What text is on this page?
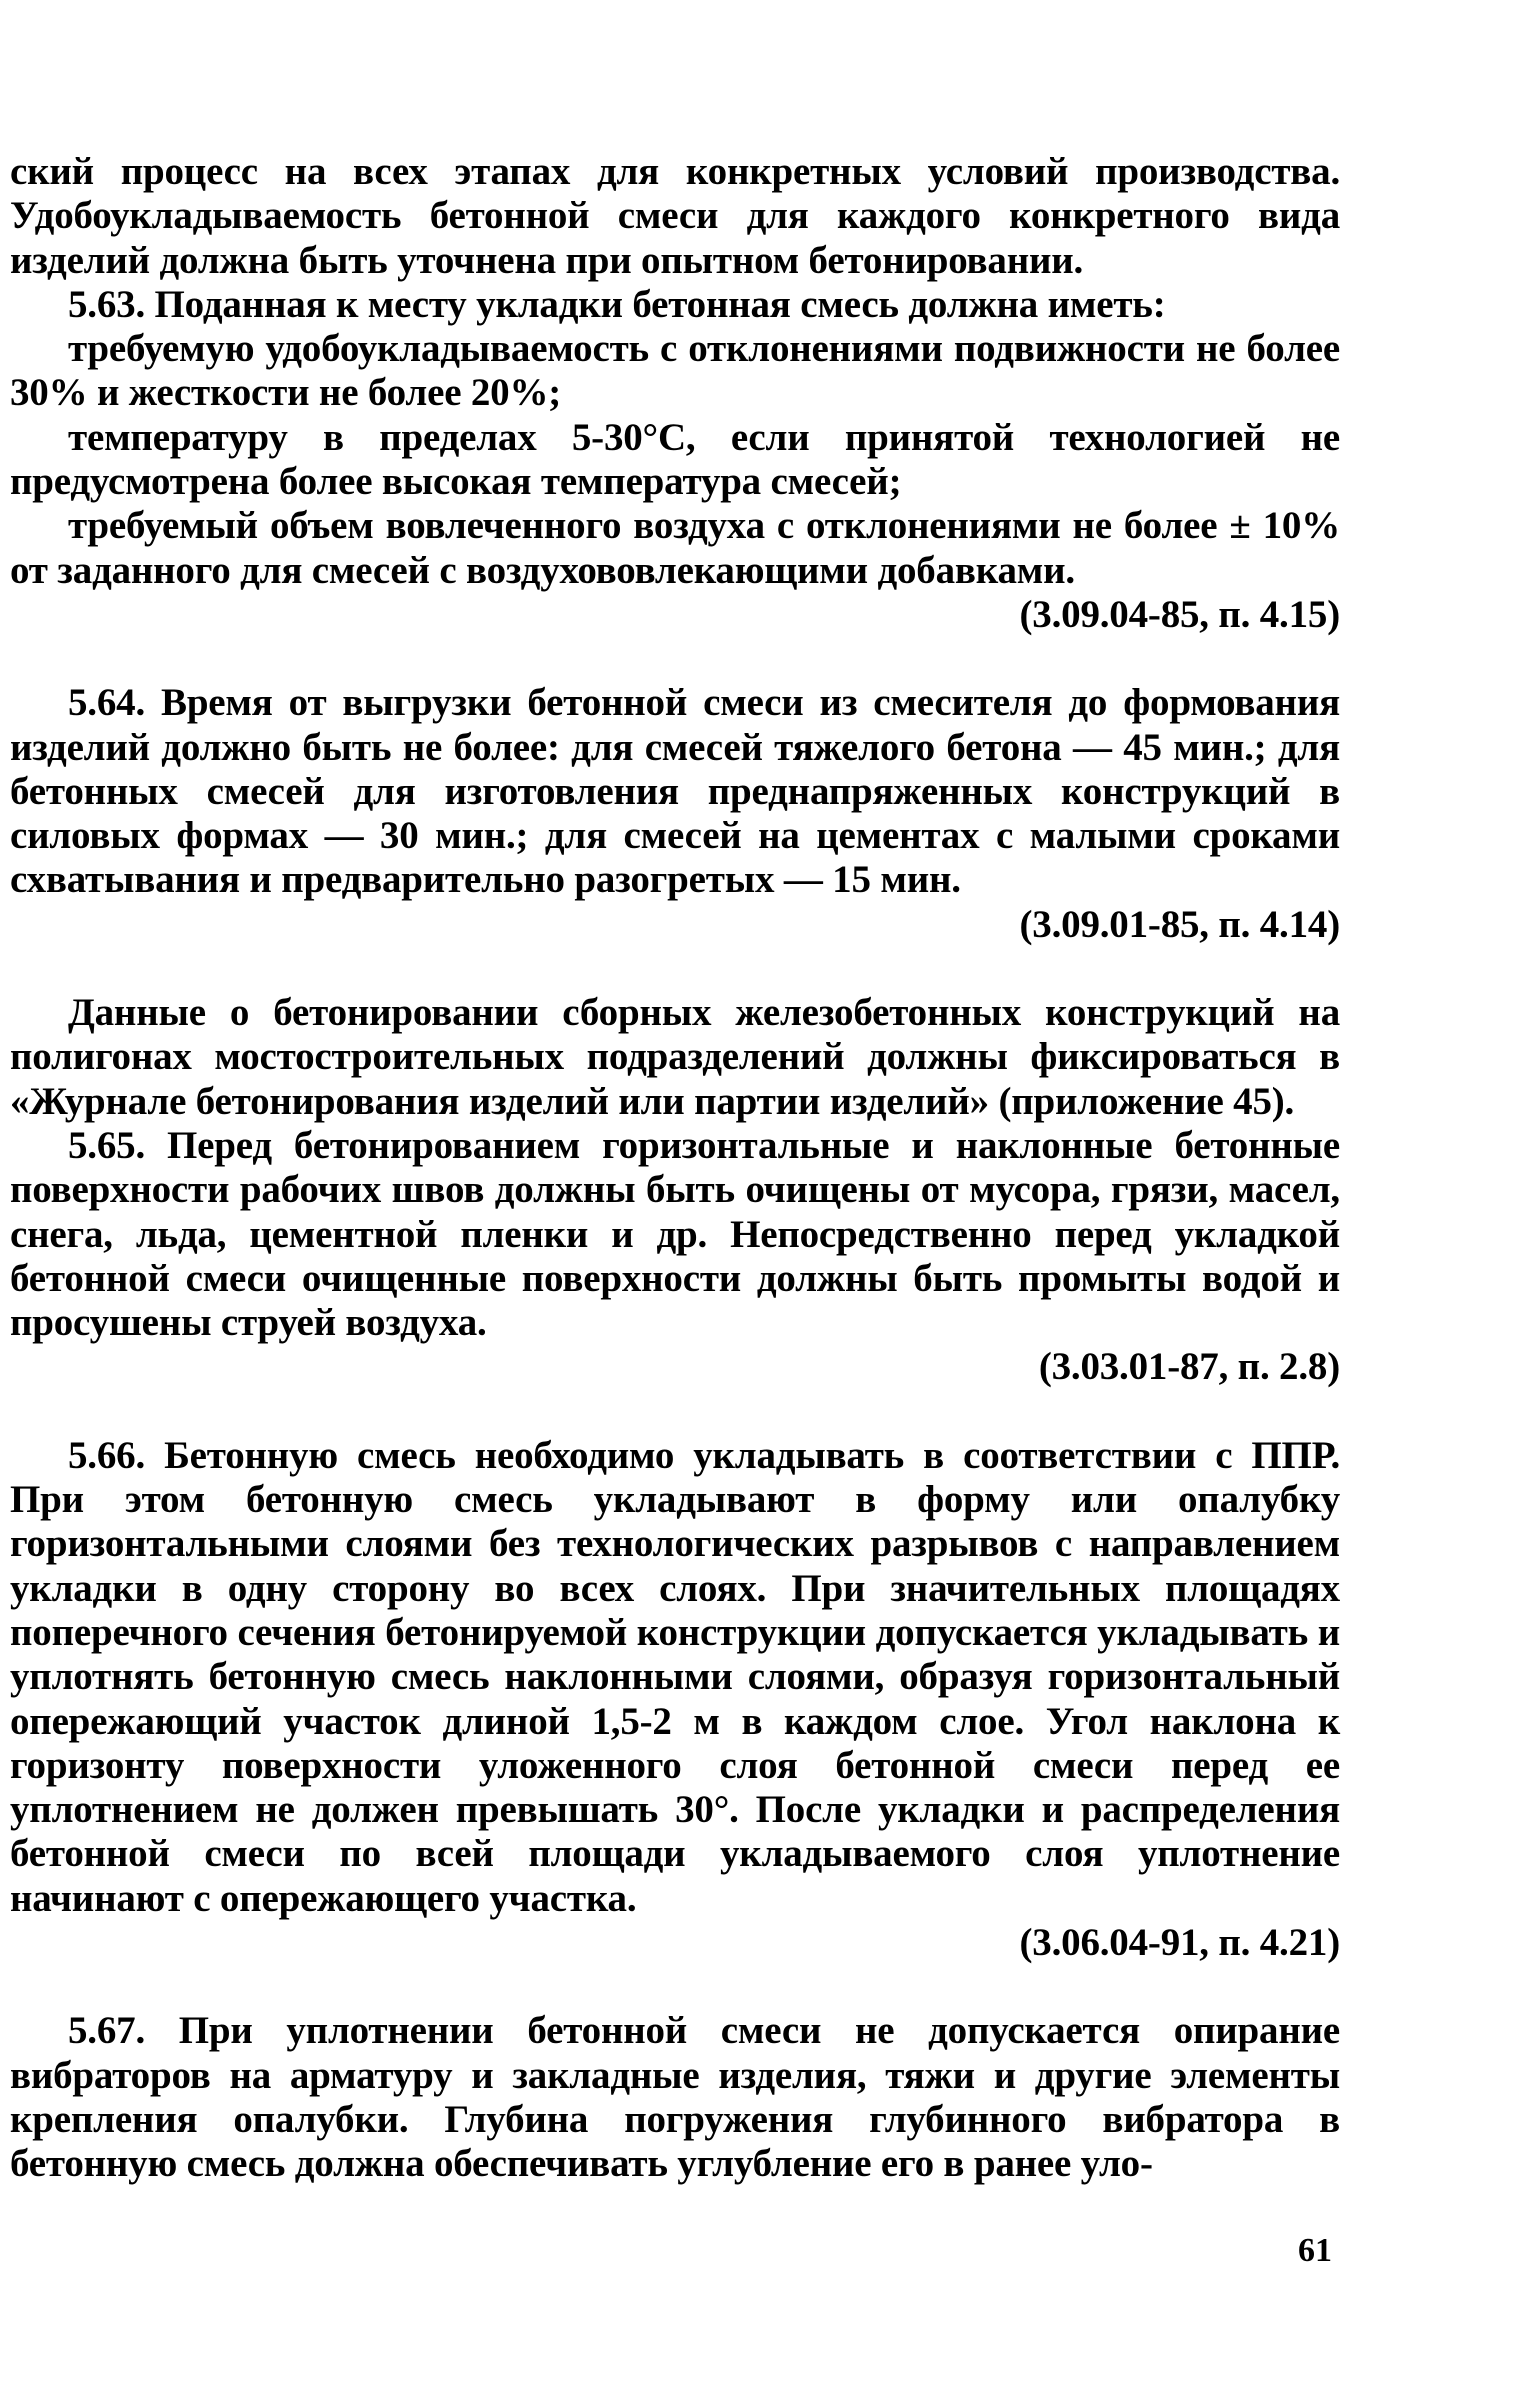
ский процесс на всех этапах для конкретных условий производства. Удобоукладываемость бетонной смеси для каждого конкретного вида изделий должна быть уточнена при опытном бетонировании.

5.63. Поданная к месту укладки бетонная смесь должна иметь:

требуемую удобоукладываемость с отклонениями подвижности не более 30% и жесткости не более 20%;

температуру в пределах 5-30°С, если принятой технологией не предусмотрена более высокая температура смесей;

требуемый объем вовлеченного воздуха с отклонениями не более ± 10% от заданного для смесей с воздухововлекающими добавками.

(3.09.04-85, п. 4.15)

5.64. Время от выгрузки бетонной смеси из смесителя до формования изделий должно быть не более: для смесей тяжелого бетона — 45 мин.; для бетонных смесей для изготовления преднапряженных конструкций в силовых формах — 30 мин.; для смесей на цементах с малыми сроками схватывания и предварительно разогретых — 15 мин.

(3.09.01-85, п. 4.14)

Данные о бетонировании сборных железобетонных конструкций на полигонах мостостроительных подразделений должны фиксироваться в «Журнале бетонирования изделий или партии изделий» (приложение 45).

5.65. Перед бетонированием горизонтальные и наклонные бетонные поверхности рабочих швов должны быть очищены от мусора, грязи, масел, снега, льда, цементной пленки и др. Непосредственно перед укладкой бетонной смеси очищенные поверхности должны быть промыты водой и просушены струей воздуха.

(3.03.01-87, п. 2.8)

5.66. Бетонную смесь необходимо укладывать в соответствии с ППР. При этом бетонную смесь укладывают в форму или опалубку горизонтальными слоями без технологических разрывов с направлением укладки в одну сторону во всех слоях. При значительных площадях поперечного сечения бетонируемой конструкции допускается укладывать и уплотнять бетонную смесь наклонными слоями, образуя горизонтальный опережающий участок длиной 1,5-2 м в каждом слое. Угол наклона к горизонту поверхности уложенного слоя бетонной смеси перед ее уплотнением не должен превышать 30°. После укладки и распределения бетонной смеси по всей площади укладываемого слоя уплотнение начинают с опережающего участка.

(3.06.04-91, п. 4.21)

5.67. При уплотнении бетонной смеси не допускается опирание вибраторов на арматуру и закладные изделия, тяжи и другие элементы крепления опалубки. Глубина погружения глубинного вибратора в бетонную смесь должна обеспечивать углубление его в ранее уло-

61
